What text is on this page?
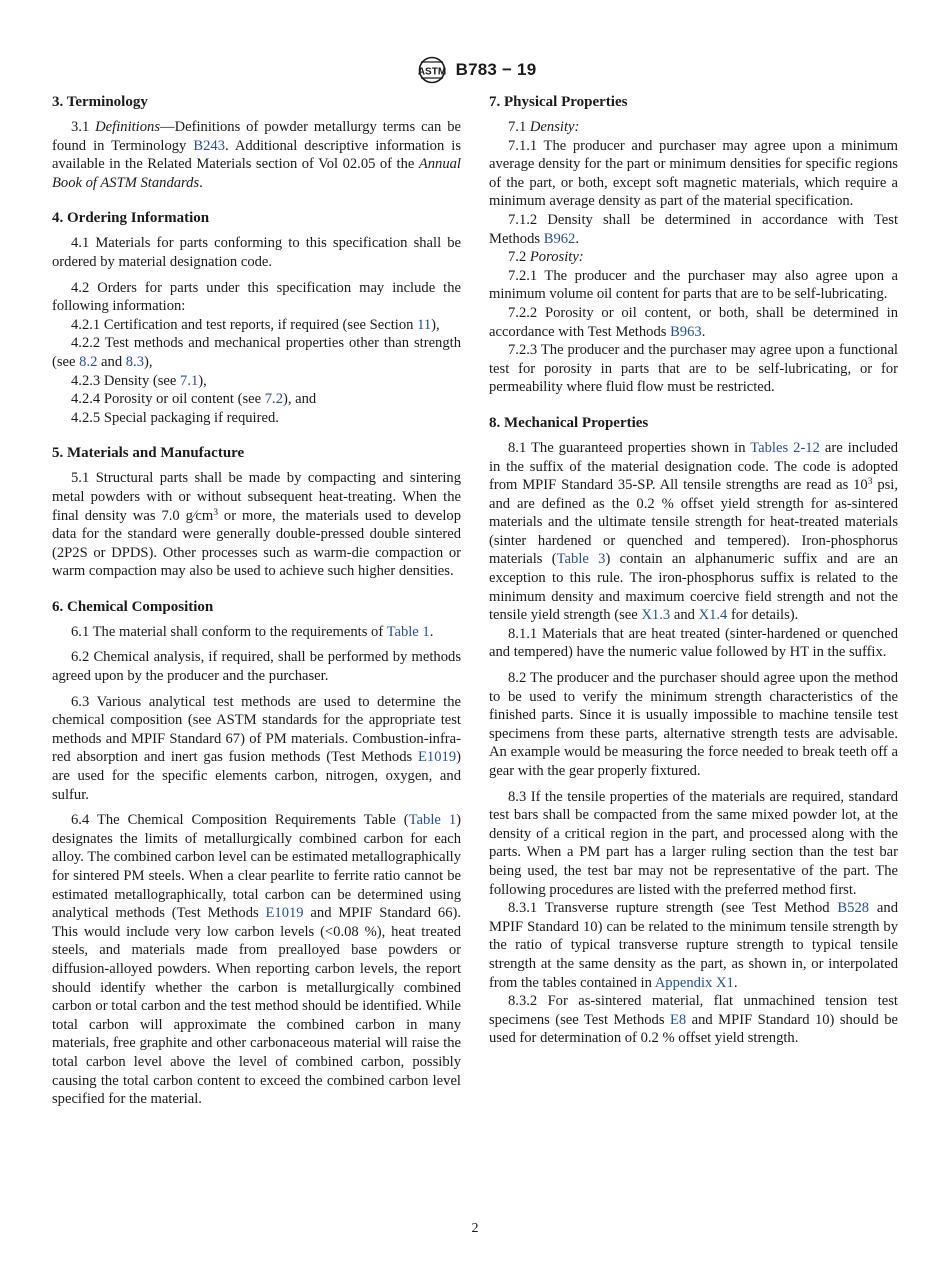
ASTM B783 − 19
3. Terminology

3.1 Definitions—Definitions of powder metallurgy terms can be found in Terminology B243. Additional descriptive information is available in the Related Materials section of Vol 02.05 of the Annual Book of ASTM Standards.

4. Ordering Information

4.1 Materials for parts conforming to this specification shall be ordered by material designation code.

4.2 Orders for parts under this specification may include the following information:

4.2.1 Certification and test reports, if required (see Section 11),

4.2.2 Test methods and mechanical properties other than strength (see 8.2 and 8.3),

4.2.3 Density (see 7.1),

4.2.4 Porosity or oil content (see 7.2), and

4.2.5 Special packaging if required.

5. Materials and Manufacture

5.1 Structural parts shall be made by compacting and sintering metal powders with or without subsequent heat-treating. When the final density was 7.0 $g⁄cm^3$ or more, the materials used to develop data for the standard were generally double-pressed double sintered (2P2S or DPDS). Other processes such as warm-die compaction or warm compaction may also be used to achieve such higher densities.

6. Chemical Composition

6.1 The material shall conform to the requirements of Table 1.

6.2 Chemical analysis, if required, shall be performed by methods agreed upon by the producer and the purchaser.

6.3 Various analytical test methods are used to determine the chemical composition (see ASTM standards for the appropriate test methods and MPIF Standard 67) of PM materials. Combustion-infra-red absorption and inert gas fusion methods (Test Methods E1019) are used for the specific elements carbon, nitrogen, oxygen, and sulfur.

6.4 The Chemical Composition Requirements Table (Table 1) designates the limits of metallurgically combined carbon for each alloy. The combined carbon level can be estimated metallographically for sintered PM steels. When a clear pearlite to ferrite ratio cannot be estimated metallographically, total carbon can be determined using analytical methods (Test Methods E1019 and MPIF Standard 66). This would include very low carbon levels (<0.08 %), heat treated steels, and materials made from prealloyed base powders or diffusion-alloyed powders. When reporting carbon levels, the report should identify whether the carbon is metallurgically combined carbon or total carbon and the test method should be identified. While total carbon will approximate the combined carbon in many materials, free graphite and other carbonaceous material will raise the total carbon level above the level of combined carbon, possibly causing the total carbon content to exceed the combined carbon level specified for the material.

7. Physical Properties

7.1 Density:

7.1.1 The producer and purchaser may agree upon a minimum average density for the part or minimum densities for specific regions of the part, or both, except soft magnetic materials, which require a minimum average density as part of the material specification.

7.1.2 Density shall be determined in accordance with Test Methods B962.

7.2 Porosity:

7.2.1 The producer and the purchaser may also agree upon a minimum volume oil content for parts that are to be self-lubricating.

7.2.2 Porosity or oil content, or both, shall be determined in accordance with Test Methods B963.

7.2.3 The producer and the purchaser may agree upon a functional test for porosity in parts that are to be self-lubricating, or for permeability where fluid flow must be restricted.

8. Mechanical Properties

8.1 The guaranteed properties shown in Tables 2-12 are included in the suffix of the material designation code. The code is adopted from MPIF Standard 35-SP. All tensile strengths are read as $10^3$ psi, and are defined as the 0.2 % offset yield strength for as-sintered materials and the ultimate tensile strength for heat-treated materials (sinter hardened or quenched and tempered). Iron-phosphorus materials (Table 3) contain an alphanumeric suffix and are an exception to this rule. The iron-phosphorus suffix is related to the minimum density and maximum coercive field strength and not the tensile yield strength (see X1.3 and X1.4 for details).

8.1.1 Materials that are heat treated (sinter-hardened or quenched and tempered) have the numeric value followed by HT in the suffix.

8.2 The producer and the purchaser should agree upon the method to be used to verify the minimum strength characteristics of the finished parts. Since it is usually impossible to machine tensile test specimens from these parts, alternative strength tests are advisable. An example would be measuring the force needed to break teeth off a gear with the gear properly fixtured.

8.3 If the tensile properties of the materials are required, standard test bars shall be compacted from the same mixed powder lot, at the density of a critical region in the part, and processed along with the parts. When a PM part has a larger ruling section than the test bar being used, the test bar may not be representative of the part. The following procedures are listed with the preferred method first.

8.3.1 Transverse rupture strength (see Test Method B528 and MPIF Standard 10) can be related to the minimum tensile strength by the ratio of typical transverse rupture strength to typical tensile strength at the same density as the part, as shown in, or interpolated from the tables contained in Appendix X1.

8.3.2 For as-sintered material, flat unmachined tension test specimens (see Test Methods E8 and MPIF Standard 10) should be used for determination of 0.2 % offset yield strength.

2
